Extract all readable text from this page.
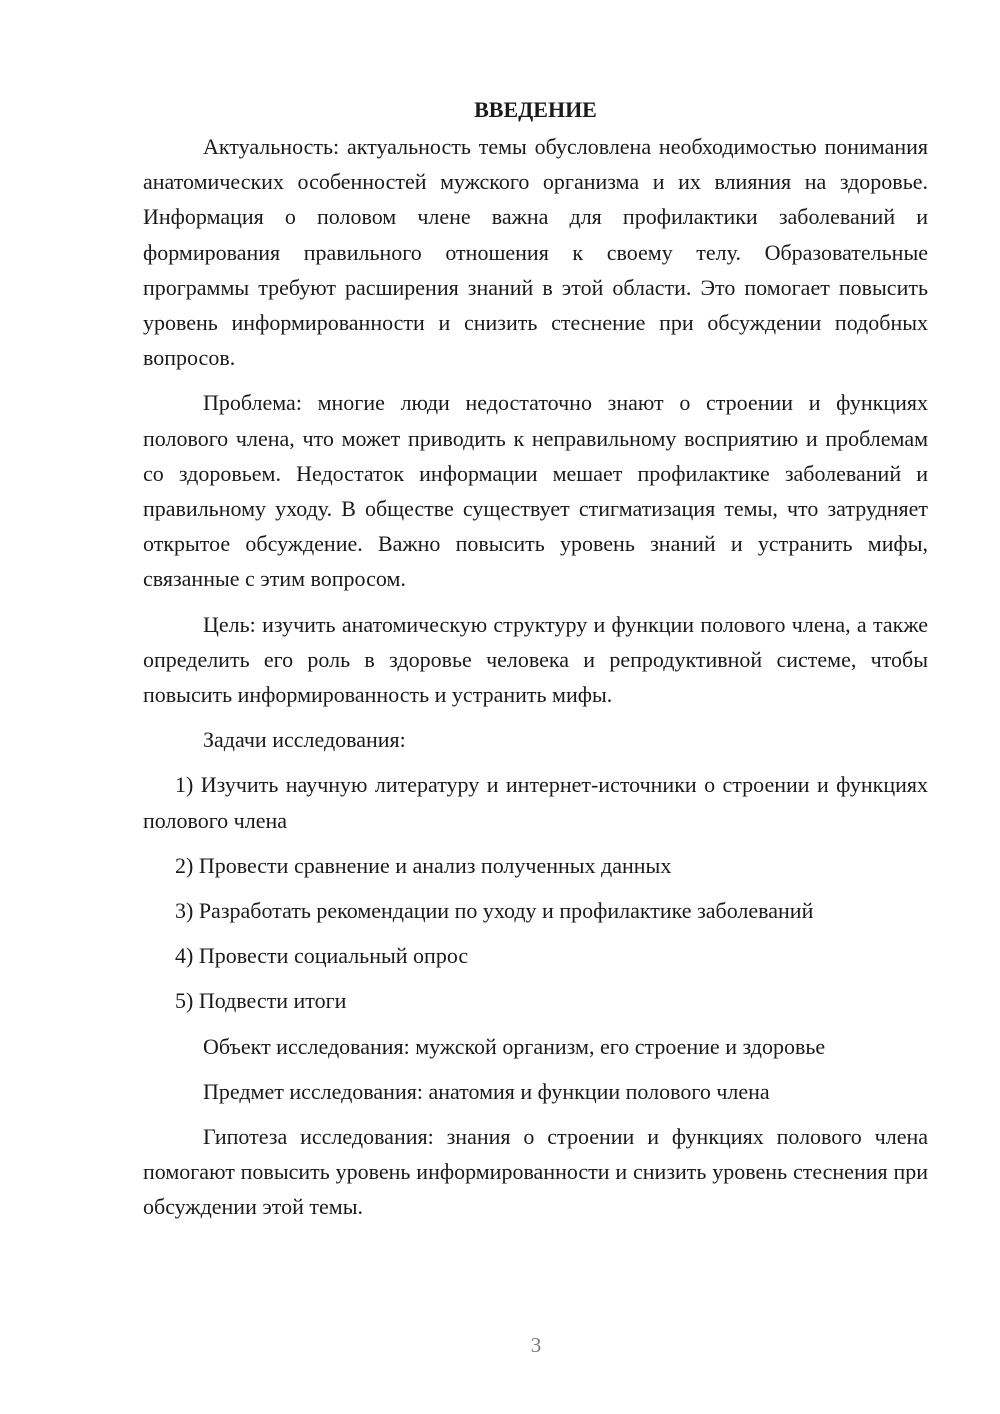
ВВЕДЕНИЕ

Актуальность: актуальность темы обусловлена необходимостью понимания анатомических особенностей мужского организма и их влияния на здоровье. Информация о половом члене важна для профилактики заболеваний и формирования правильного отношения к своему телу. Образовательные программы требуют расширения знаний в этой области. Это помогает повысить уровень информированности и снизить стеснение при обсуждении подобных вопросов.

Проблема: многие люди недостаточно знают о строении и функциях полового члена, что может приводить к неправильному восприятию и проблемам со здоровьем. Недостаток информации мешает профилактике заболеваний и правильному уходу. В обществе существует стигматизация темы, что затрудняет открытое обсуждение. Важно повысить уровень знаний и устранить мифы, связанные с этим вопросом.

Цель: изучить анатомическую структуру и функции полового члена, а также определить его роль в здоровье человека и репродуктивной системе, чтобы повысить информированность и устранить мифы.

Задачи исследования:

1) Изучить научную литературу и интернет-источники о строении и функциях полового члена

2) Провести сравнение и анализ полученных данных

3) Разработать рекомендации по уходу и профилактике заболеваний

4) Провести социальный опрос

5) Подвести итоги

Объект исследования: мужской организм, его строение и здоровье

Предмет исследования: анатомия и функции полового члена

Гипотеза исследования: знания о строении и функциях полового члена помогают повысить уровень информированности и снизить уровень стеснения при обсуждении этой темы.

3
